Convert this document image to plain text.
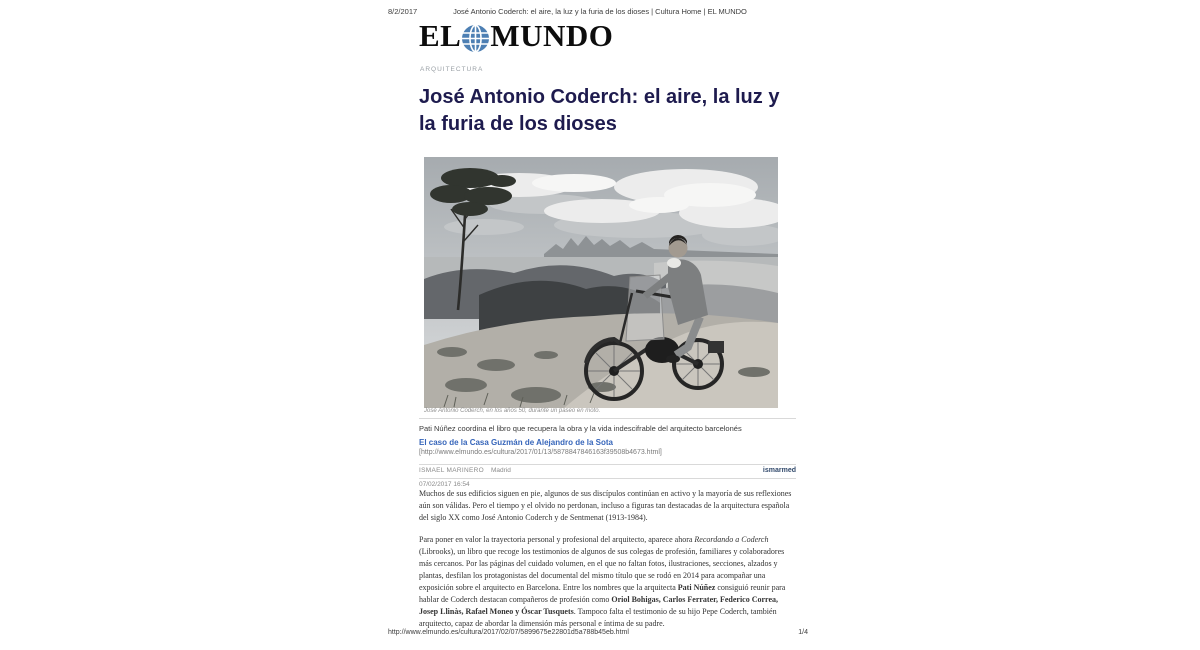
8/2/2017	José Antonio Coderch: el aire, la luz y la furia de los dioses | Cultura Home | EL MUNDO
EL MUNDO
ARQUITECTURA
José Antonio Coderch: el aire, la luz y la furia de los dioses
José Antonio Coderch, en los años 50, durante un paseo en moto.
Pati Núñez coordina el libro que recupera la obra y la vida indescifrable del arquitecto barcelonés
El caso de la Casa Guzmán de Alejandro de la Sota
[http://www.elmundo.es/cultura/2017/01/13/5878847846163f39508b4673.html]
ISMAEL MARINERO Madrid	ismarmed
07/02/2017 16:54

Muchos de sus edificios siguen en pie, algunos de sus discípulos continúan en activo y la mayoría de sus reflexiones aún son válidas. Pero el tiempo y el olvido no perdonan, incluso a figuras tan destacadas de la arquitectura española del siglo XX como José Antonio Coderch y de Sentmenat (1913-1984).

Para poner en valor la trayectoria personal y profesional del arquitecto, aparece ahora Recordando a Coderch (Librooks), un libro que recoge los testimonios de algunos de sus colegas de profesión, familiares y colaboradores más cercanos. Por las páginas del cuidado volumen, en el que no faltan fotos, ilustraciones, secciones, alzados y plantas, desfilan los protagonistas del documental del mismo título que se rodó en 2014 para acompañar una exposición sobre el arquitecto en Barcelona. Entre los nombres que la arquitecta Pati Núñez consiguió reunir para hablar de Coderch destacan compañeros de profesión como Oriol Bohigas, Carlos Ferrater, Federico Correa, Josep Llinàs, Rafael Moneo y Óscar Tusquets. Tampoco falta el testimonio de su hijo Pepe Coderch, también arquitecto, capaz de abordar la dimensión más personal e íntima de su padre.

http://www.elmundo.es/cultura/2017/02/07/5899675e22801d5a788b45eb.html	1/4
